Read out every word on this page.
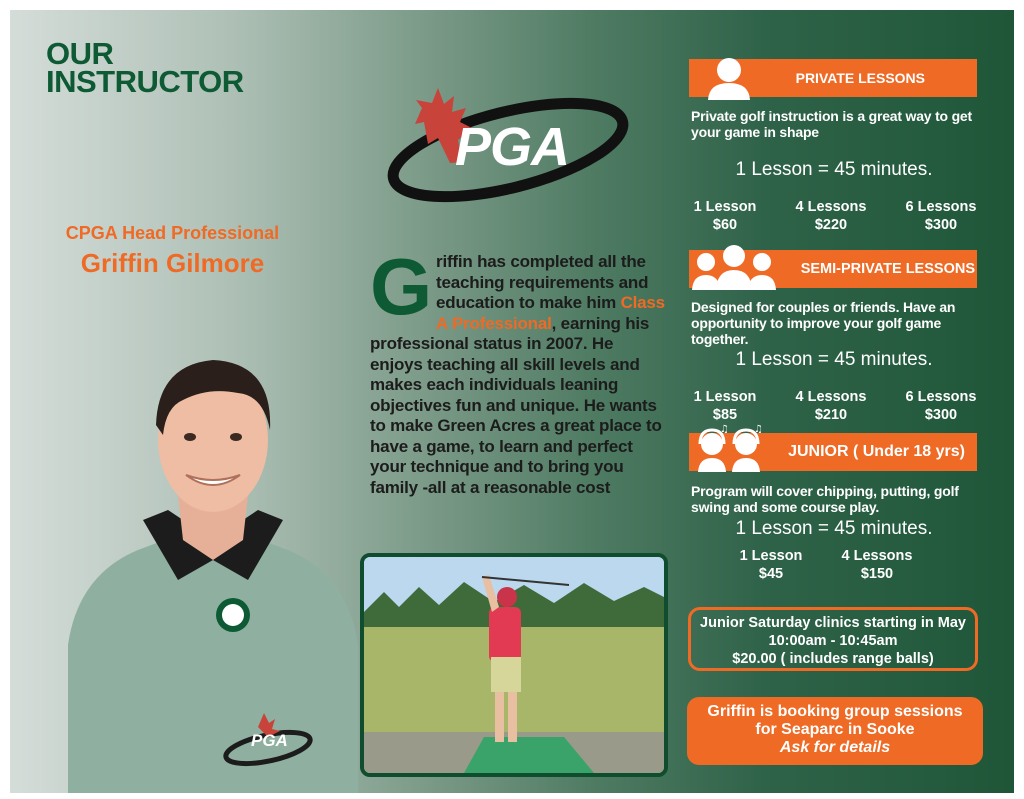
OUR
INSTRUCTOR
CPGA Head Professional
Griffin Gilmore
PGA
PGA
Griffin has completed all the teaching requirements and education to make him Class A Professional, earning his professional status in 2007. He enjoys teaching all skill levels and makes each individuals leaning objectives fun and unique. He wants to make Green Acres a great place to have a game, to learn and perfect your technique and to bring you family -all at a reasonable cost
PRIVATE LESSONS
Private golf instruction is a great way to get your game in shape
1 Lesson = 45 minutes.
1 Lesson
$60
4 Lessons
$220
6 Lessons
$300
SEMI-PRIVATE LESSONS
Designed for couples or friends. Have an opportunity to improve your golf game together.
1 Lesson = 45 minutes.
1 Lesson
$85
4 Lessons
$210
6 Lessons
$300
JUNIOR ( Under 18 yrs)
♫	♫
Program will cover chipping, putting, golf swing and some course play.
1 Lesson = 45 minutes.
1 Lesson
$45
4 Lessons
$150
Junior Saturday clinics starting in May
10:00am - 10:45am
$20.00 ( includes range balls)
Griffin is booking group sessions
for Seaparc in Sooke
Ask for details
